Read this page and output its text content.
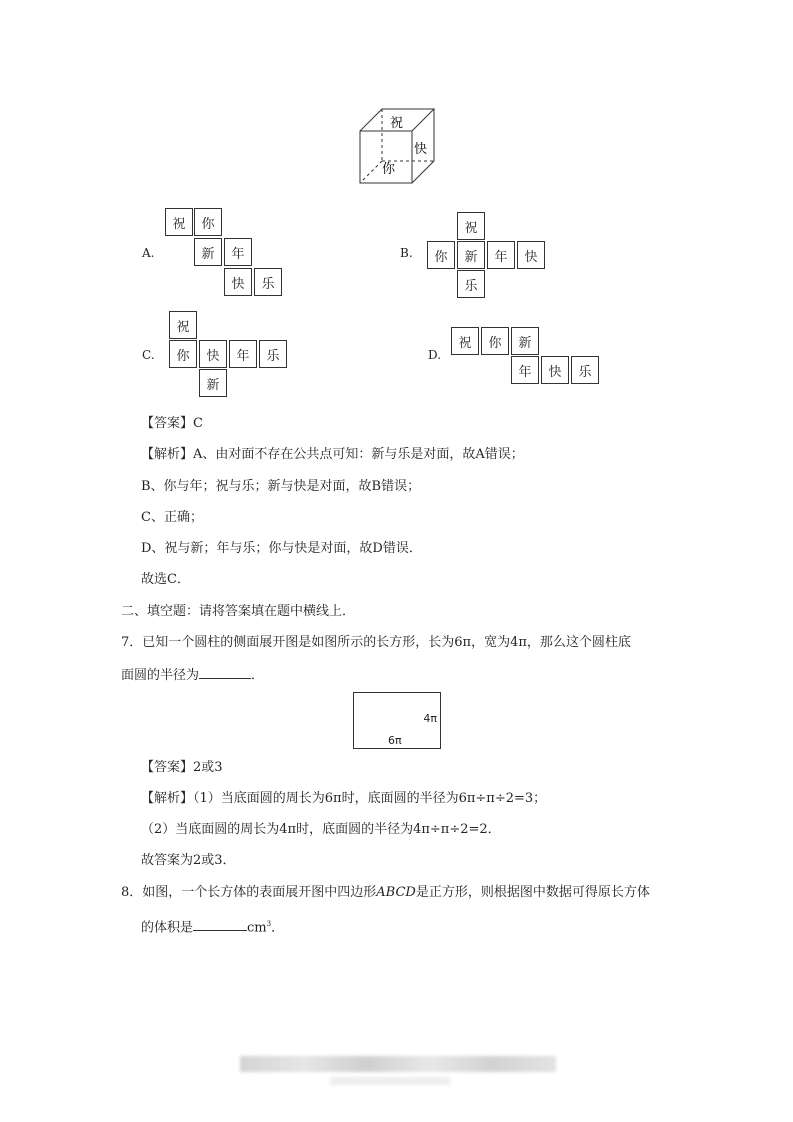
祝
快
你
A.
祝	你
新	年
快	乐
B.
祝
你	新	年	快
乐
C.
祝
你	快	年	乐
新
D.
祝	你	新
年	快	乐
【答案】C
【解析】A、由对面不存在公共点可知：新与乐是对面，故A错误；
B、你与年；祝与乐；新与快是对面，故B错误；
C、正确；
D、祝与新；年与乐；你与快是对面，故D错误．
故选C．
二、填空题：请将答案填在题中横线上．
7．已知一个圆柱的侧面展开图是如图所示的长方形，长为6π，宽为4π，那么这个圆柱底
面圆的半径为	．
4π
6π
【答案】2或3
【解析】（1）当底面圆的周长为6π时，底面圆的半径为6π÷π÷2=3；
（2）当底面圆的周长为4π时，底面圆的半径为4π÷π÷2=2．
故答案为2或3．
8．如图，一个长方体的表面展开图中四边形ABCD是正方形，则根据图中数据可得原长方体
的体积是	$cm^3$．
